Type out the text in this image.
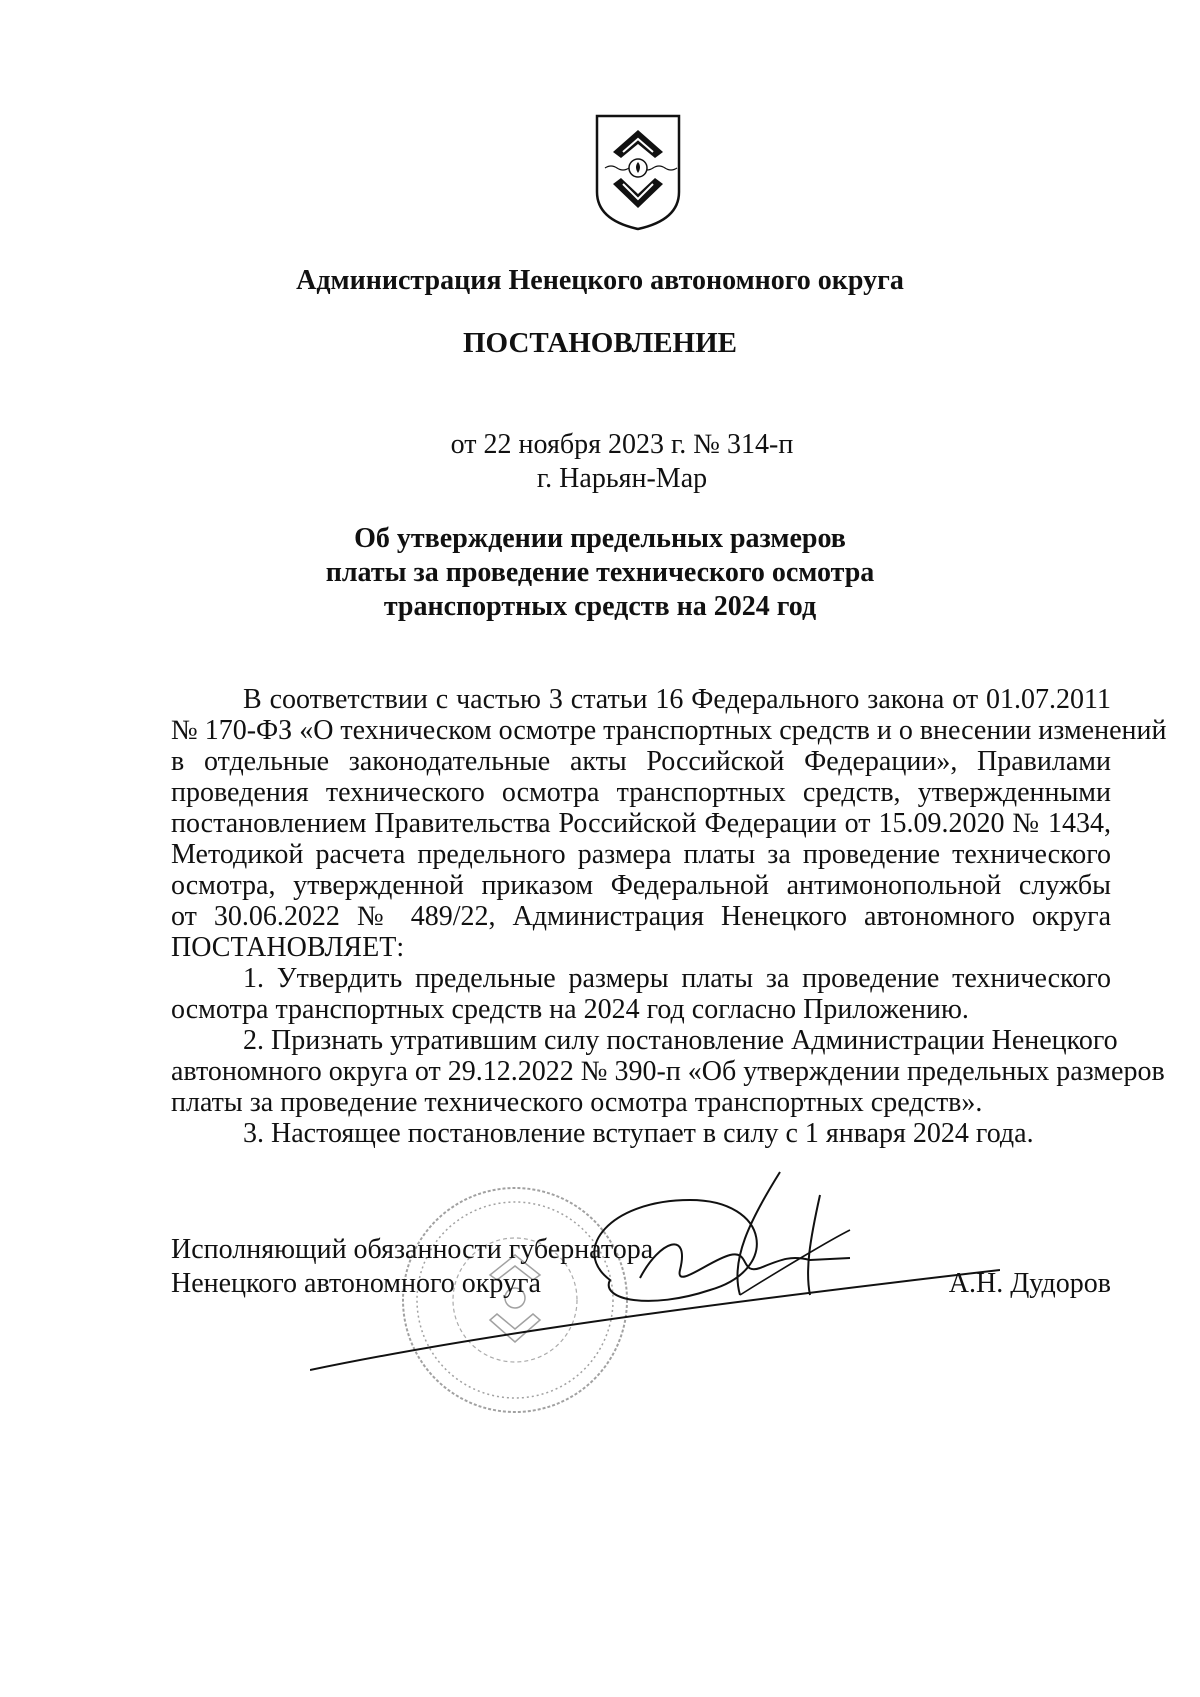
Администрация Ненецкого автономного округа
ПОСТАНОВЛЕНИЕ
от 22 ноября 2023 г. № 314-п
г. Нарьян-Мар
Об утверждении предельных размеров
платы за проведение технического осмотра
транспортных средств на 2024 год
В соответствии с частью 3 статьи 16 Федерального закона от 01.07.2011
№ 170-ФЗ «О техническом осмотре транспортных средств и о внесении изменений
в отдельные законодательные акты Российской Федерации», Правилами
проведения технического осмотра транспортных средств, утвержденными
постановлением Правительства Российской Федерации от 15.09.2020 № 1434,
Методикой расчета предельного размера платы за проведение технического
осмотра, утвержденной приказом Федеральной антимонопольной службы
от 30.06.2022 № 489/22, Администрация Ненецкого автономного округа
ПОСТАНОВЛЯЕТ:
1. Утвердить предельные размеры платы за проведение технического
осмотра транспортных средств на 2024 год согласно Приложению.
2. Признать утратившим силу постановление Администрации Ненецкого
автономного округа от 29.12.2022 № 390-п «Об утверждении предельных размеров
платы за проведение технического осмотра транспортных средств».
3. Настоящее постановление вступает в силу с 1 января 2024 года.
Исполняющий обязанности губернатора
Ненецкого автономного округа	А.Н. Дудоров
